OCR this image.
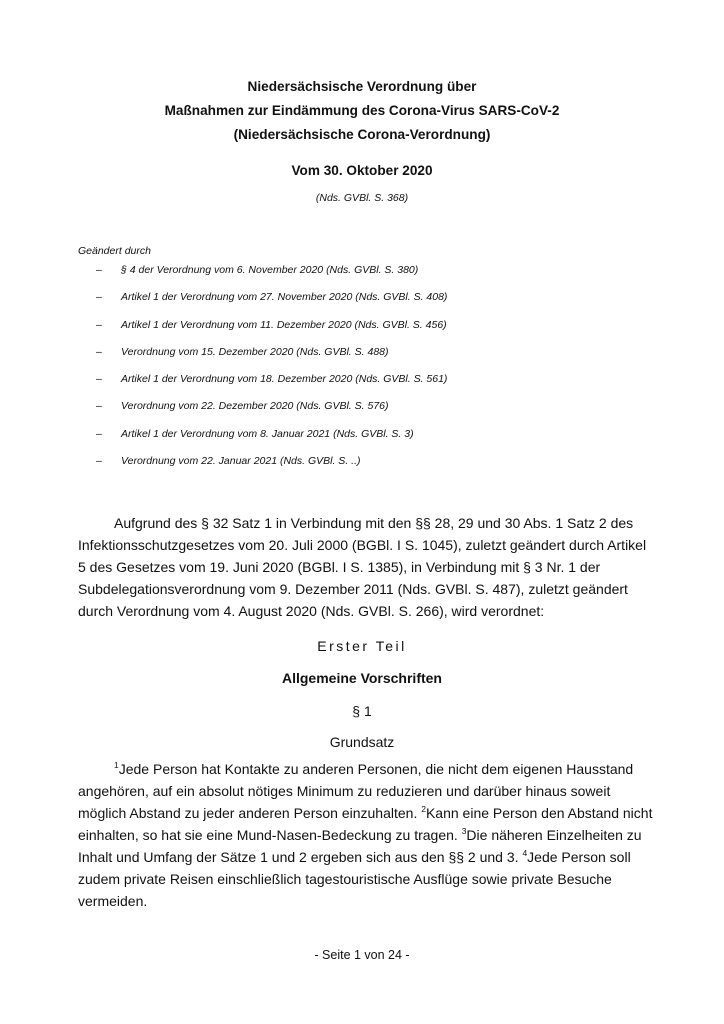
Niedersächsische Verordnung über
Maßnahmen zur Eindämmung des Corona-Virus SARS-CoV-2
(Niedersächsische Corona-Verordnung)
Vom 30. Oktober 2020
(Nds. GVBl. S. 368)
Geändert durch
– § 4 der Verordnung vom 6. November 2020 (Nds. GVBl. S. 380)
– Artikel 1 der Verordnung vom 27. November 2020 (Nds. GVBl. S. 408)
– Artikel 1 der Verordnung vom 11. Dezember 2020 (Nds. GVBl. S. 456)
– Verordnung vom 15. Dezember 2020 (Nds. GVBl. S. 488)
– Artikel 1 der Verordnung vom 18. Dezember 2020 (Nds. GVBl. S. 561)
– Verordnung vom 22. Dezember 2020 (Nds. GVBl. S. 576)
– Artikel 1 der Verordnung vom 8. Januar 2021 (Nds. GVBl. S. 3)
– Verordnung vom 22. Januar 2021 (Nds. GVBl. S. ..)
Aufgrund des § 32 Satz 1 in Verbindung mit den §§ 28, 29 und 30 Abs. 1 Satz 2 des
Infektionsschutzgesetzes vom 20. Juli 2000 (BGBl. I S. 1045), zuletzt geändert durch Artikel
5 des Gesetzes vom 19. Juni 2020 (BGBl. I S. 1385), in Verbindung mit § 3 Nr. 1 der
Subdelegationsverordnung vom 9. Dezember 2011 (Nds. GVBl. S. 487), zuletzt geändert
durch Verordnung vom 4. August 2020 (Nds. GVBl. S. 266), wird verordnet:
Erster Teil
Allgemeine Vorschriften
§ 1
Grundsatz
$^1$Jede Person hat Kontakte zu anderen Personen, die nicht dem eigenen Hausstand
angehören, auf ein absolut nötiges Minimum zu reduzieren und darüber hinaus soweit
möglich Abstand zu jeder anderen Person einzuhalten. $^2$Kann eine Person den Abstand nicht
einhalten, so hat sie eine Mund-Nasen-Bedeckung zu tragen. $^3$Die näheren Einzelheiten zu
Inhalt und Umfang der Sätze 1 und 2 ergeben sich aus den §§ 2 und 3. $^4$Jede Person soll
zudem private Reisen einschließlich tagestouristische Ausflüge sowie private Besuche
vermeiden.
- Seite 1 von 24 -
